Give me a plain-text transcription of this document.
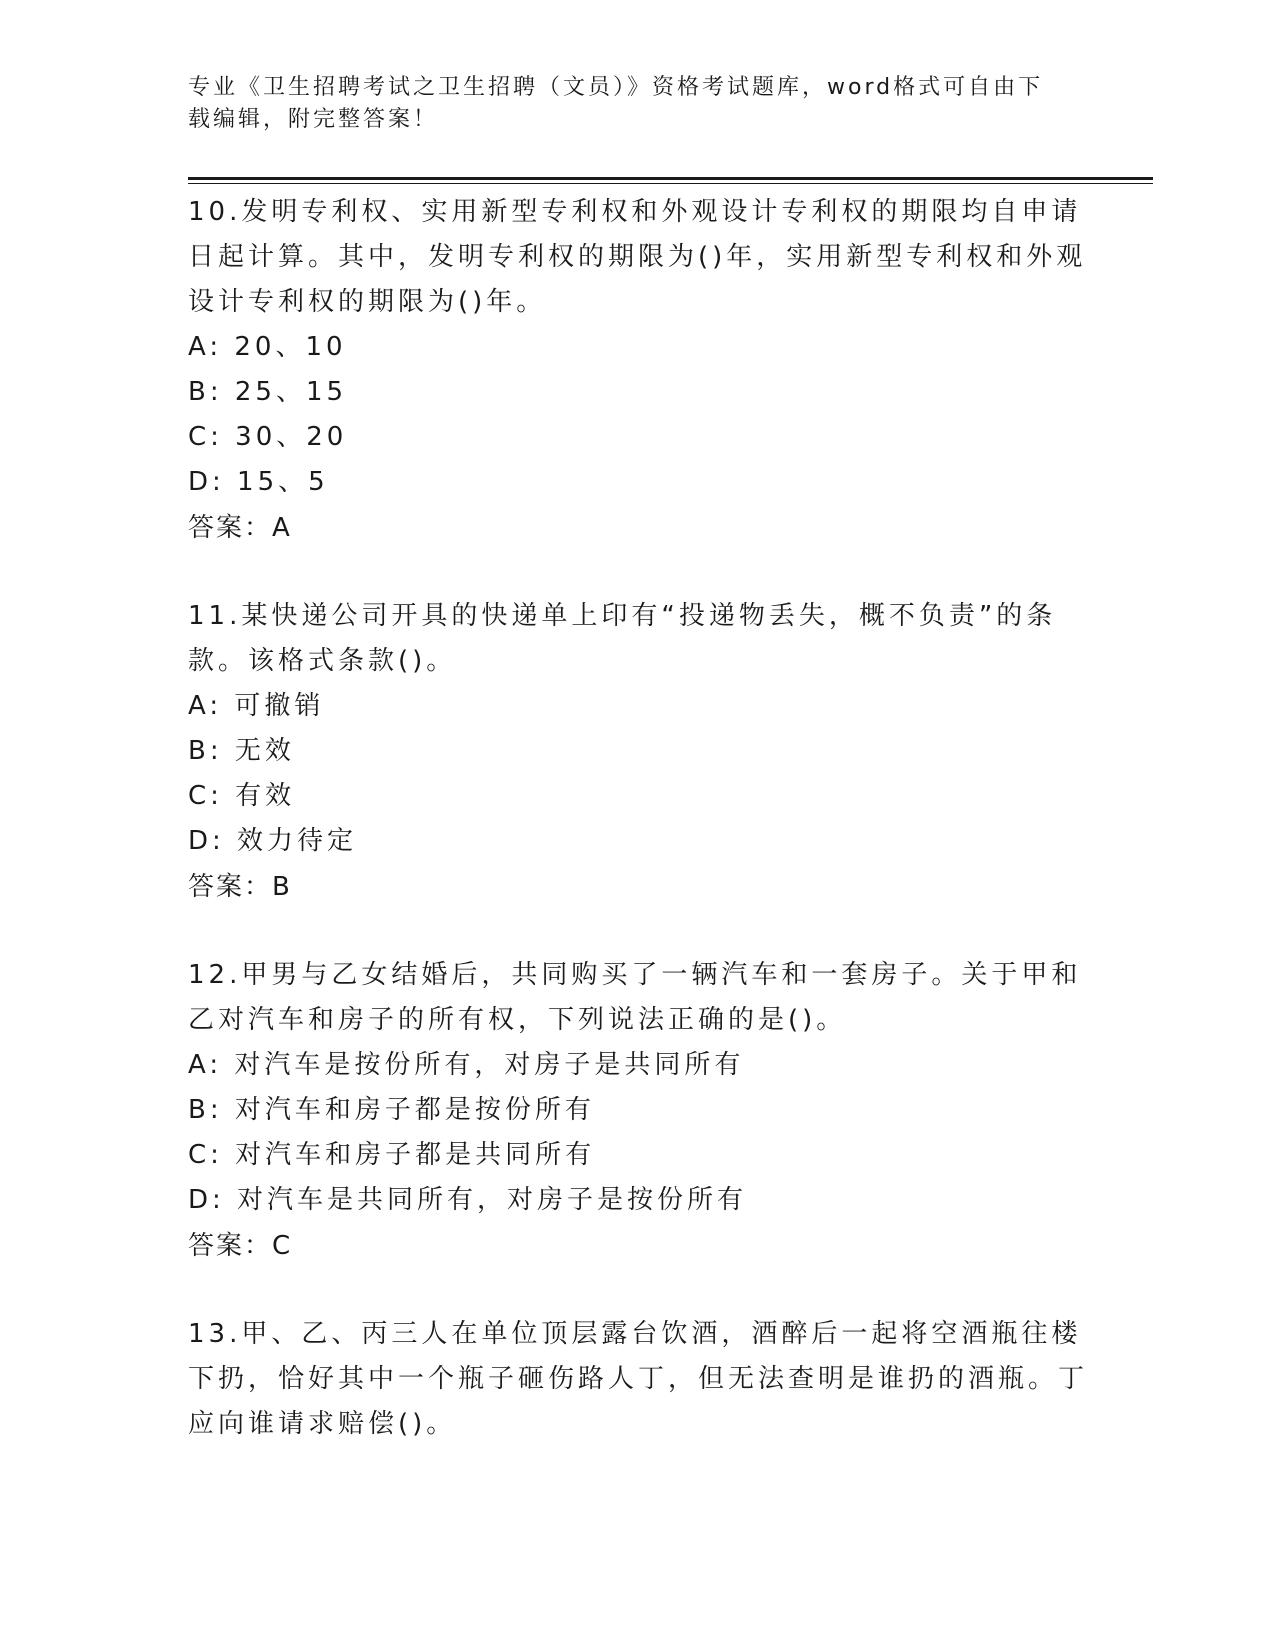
专业《卫生招聘考试之卫生招聘（文员）》资格考试题库，word格式可自由下载编辑，附完整答案！
10.发明专利权、实用新型专利权和外观设计专利权的期限均自申请日起计算。其中，发明专利权的期限为()年，实用新型专利权和外观设计专利权的期限为()年。
A: 20、10
B: 25、15
C: 30、20
D: 15、5
答案：A
11.某快递公司开具的快递单上印有“投递物丢失，概不负责”的条款。该格式条款()。
A: 可撤销
B: 无效
C: 有效
D: 效力待定
答案：B
12.甲男与乙女结婚后，共同购买了一辆汽车和一套房子。关于甲和乙对汽车和房子的所有权，下列说法正确的是()。
A: 对汽车是按份所有，对房子是共同所有
B: 对汽车和房子都是按份所有
C: 对汽车和房子都是共同所有
D: 对汽车是共同所有，对房子是按份所有
答案：C
13.甲、乙、丙三人在单位顶层露台饮酒，酒醉后一起将空酒瓶往楼下扔，恰好其中一个瓶子砸伤路人丁，但无法查明是谁扔的酒瓶。丁应向谁请求赔偿()。
